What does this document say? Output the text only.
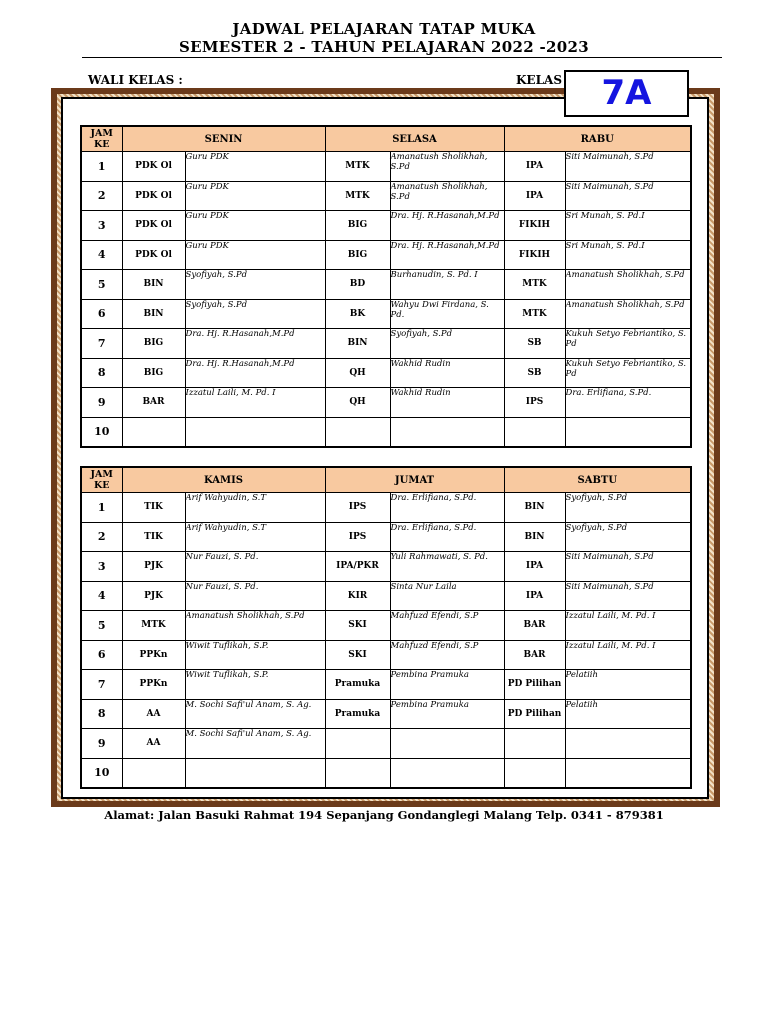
JADWAL PELAJARAN TATAP MUKA
SEMESTER 2 - TAHUN PELAJARAN 2022 -2023
WALI KELAS :	KELAS	7A
JAM
KE	SENIN		SELASA		RABU	
1	PDK Ol	Guru PDK	MTK	Amanatush Sholikhah, S.Pd	IPA	Siti Maimunah, S.Pd
2	PDK Ol	Guru PDK	MTK	Amanatush Sholikhah, S.Pd	IPA	Siti Maimunah, S.Pd
3	PDK Ol	Guru PDK	BIG	Dra. Hj. R.Hasanah,M.Pd	FIKIH	Sri Munah, S. Pd.I
4	PDK Ol	Guru PDK	BIG	Dra. Hj. R.Hasanah,M.Pd	FIKIH	Sri Munah, S. Pd.I
5	BIN	Syofiyah, S.Pd	BD	Burhanudin, S. Pd. I	MTK	Amanatush Sholikhah, S.Pd
6	BIN	Syofiyah, S.Pd	BK	Wahyu Dwi Firdana, S. Pd.	MTK	Amanatush Sholikhah, S.Pd
7	BIG	Dra. Hj. R.Hasanah,M.Pd	BIN	Syofiyah, S.Pd	SB	Kukuh Setyo Febriantiko, S. Pd
8	BIG	Dra. Hj. R.Hasanah,M.Pd	QH	Wakhid Rudin	SB	Kukuh Setyo Febriantiko, S. Pd
9	BAR	Izzatul Laili, M. Pd. I	QH	Wakhid Rudin	IPS	Dra. Erlifiana, S.Pd.
10						
JAM
KE	KAMIS		JUMAT		SABTU	
1	TIK	Arif Wahyudin, S.T	IPS	Dra. Erlifiana, S.Pd.	BIN	Syofiyah, S.Pd
2	TIK	Arif Wahyudin, S.T	IPS	Dra. Erlifiana, S.Pd.	BIN	Syofiyah, S.Pd
3	PJK	Nur Fauzi, S. Pd.	IPA/PKR	Yuli Rahmawati, S. Pd.	IPA	Siti Maimunah, S.Pd
4	PJK	Nur Fauzi, S. Pd.	KIR	Sinta Nur Laila	IPA	Siti Maimunah, S.Pd
5	MTK	Amanatush Sholikhah, S.Pd	SKI	Mahfuzd Efendi, S.P	BAR	Izzatul Laili, M. Pd. I
6	PPKn	Wiwit Tuflikah, S.P.	SKI	Mahfuzd Efendi, S.P	BAR	Izzatul Laili, M. Pd. I
7	PPKn	Wiwit Tuflikah, S.P.	Pramuka	Pembina Pramuka	PD Pilihan	Pelatiih
8	AA	M. Sochi Safi'ul Anam, S. Ag.	Pramuka	Pembina Pramuka	PD Pilihan	Pelatiih
9	AA	M. Sochi Safi'ul Anam, S. Ag.				
10						
Alamat: Jalan Basuki Rahmat 194 Sepanjang Gondanglegi Malang Telp. 0341 - 879381
